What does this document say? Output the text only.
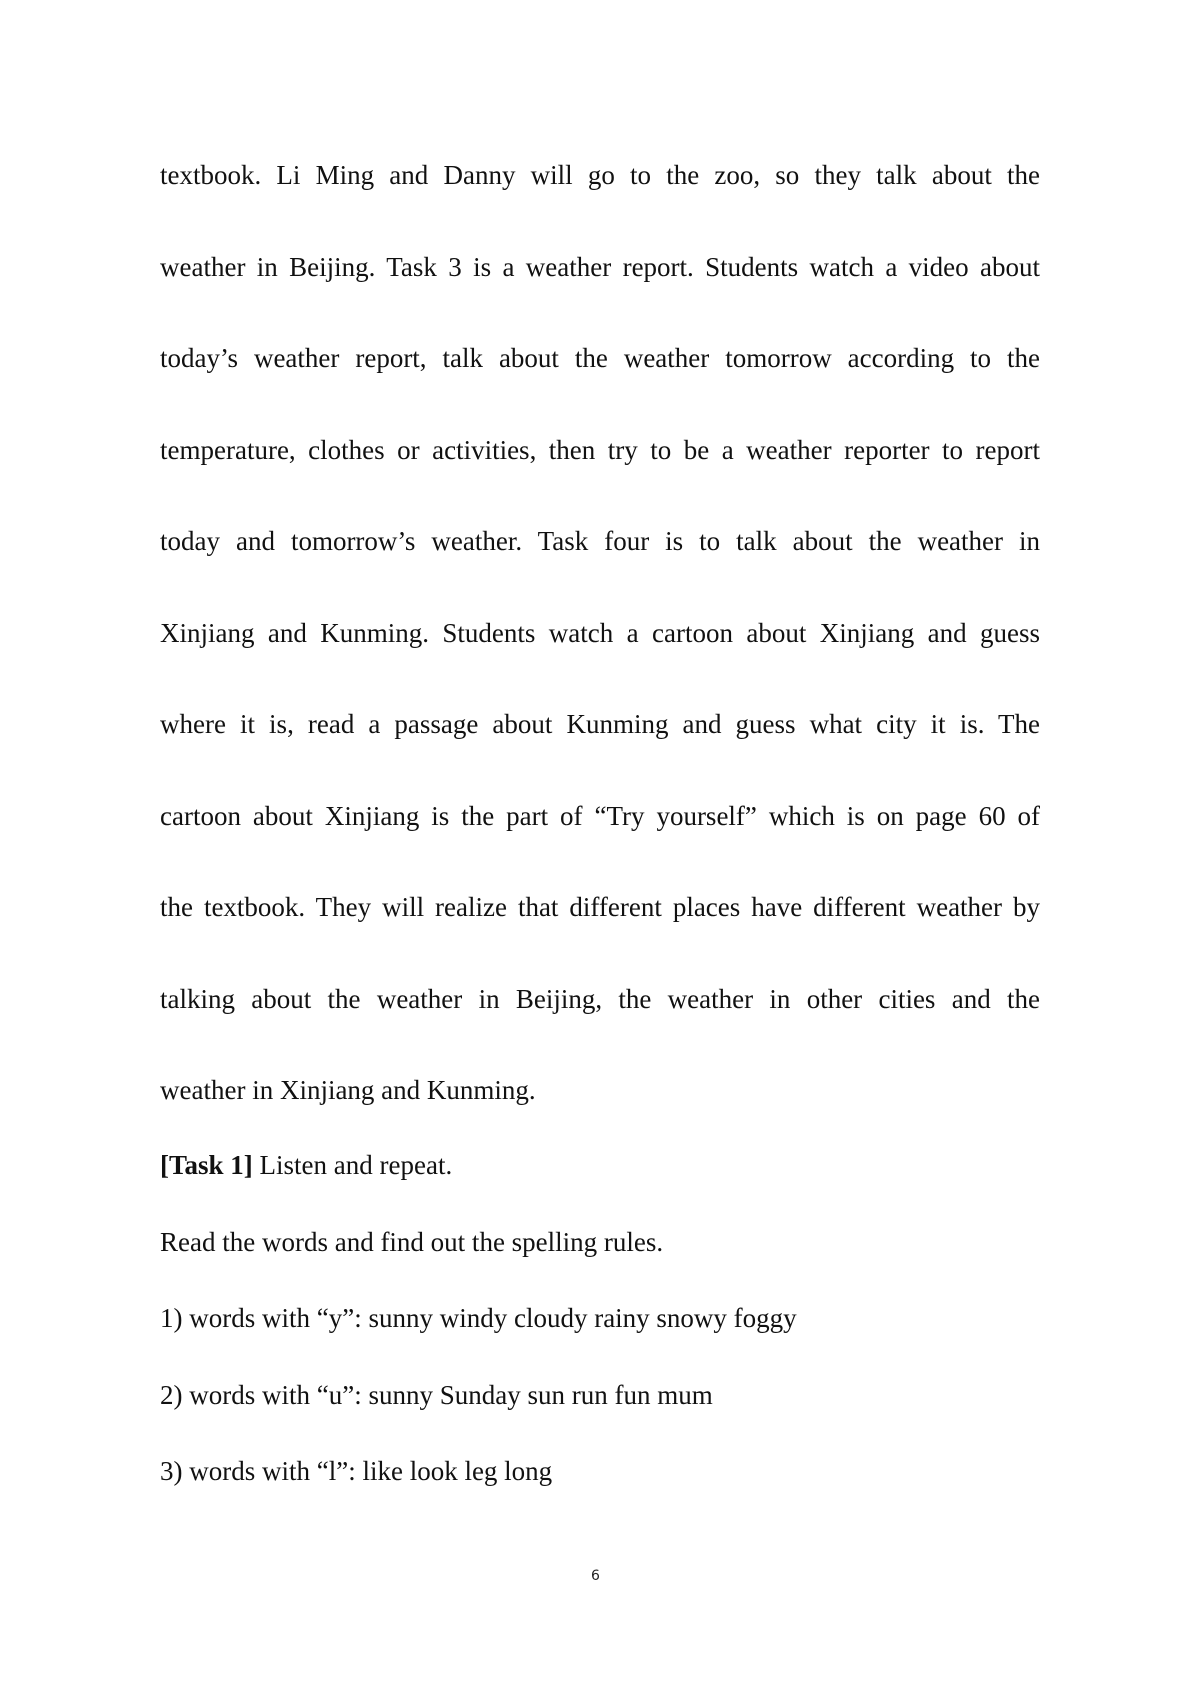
textbook. Li Ming and Danny will go to the zoo, so they talk about the
weather in Beijing. Task 3 is a weather report. Students watch a video about
today’s weather report, talk about the weather tomorrow according to the
temperature, clothes or activities, then try to be a weather reporter to report
today and tomorrow’s weather. Task four is to talk about the weather in
Xinjiang and Kunming. Students watch a cartoon about Xinjiang and guess
where it is, read a passage about Kunming and guess what city it is. The
cartoon about Xinjiang is the part of “Try yourself” which is on page 60 of
the textbook. They will realize that different places have different weather by
talking about the weather in Beijing, the weather in other cities and the
weather in Xinjiang and Kunming.
[Task 1] Listen and repeat.
Read the words and find out the spelling rules.
1) words with “y”: sunny windy cloudy rainy snowy foggy
2) words with “u”: sunny Sunday sun run fun mum
3) words with “l”: like look leg long
6
